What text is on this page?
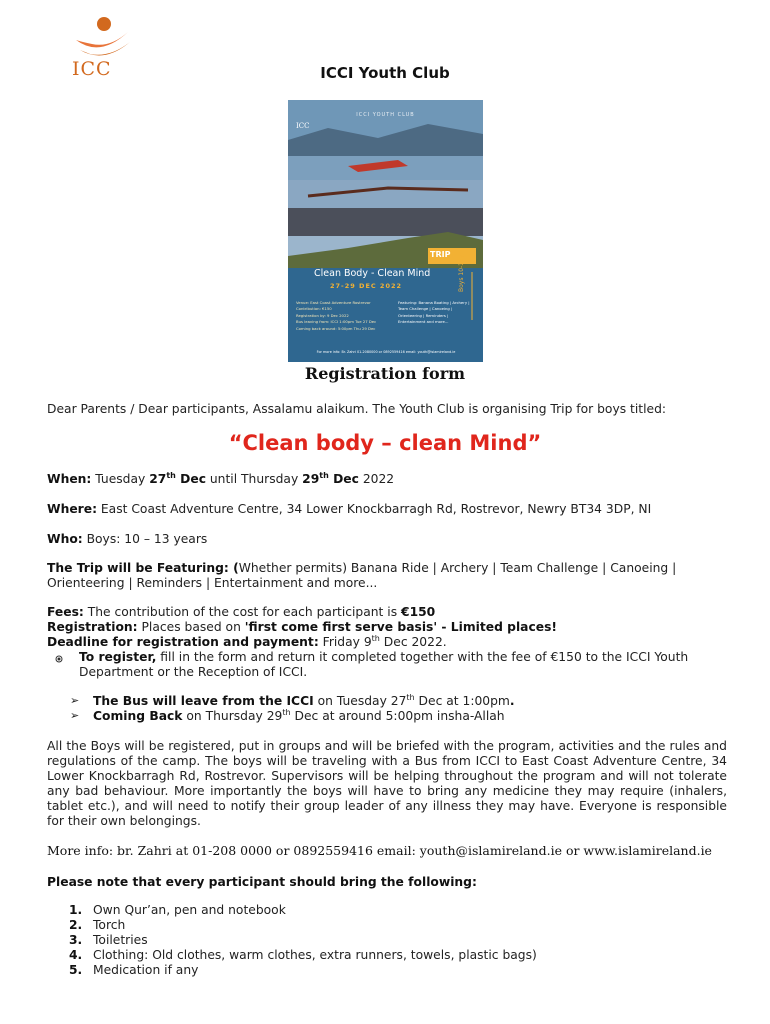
ICC	ICCI Youth Club
ICCI YOUTH CLUB
ICC
TRIP
Clean Body - Clean Mind
27-29 DEC 2022	Boys 10-13y
Venue: East Coast Adventure Rostrevor
Contribution: €150
Registration by: 9 Dec 2022
Bus leaving from: ICCI 1:00pm Tue 27 Dec
Coming back around: 5:00pm Thu 29 Dec
Featuring: Banana Boating | Archery | Team Challenge | Canoeing | Orienteering | Reminders | Entertainment and more...
For more info: Br. Zahri 01-2080000 or 0892559416 email: youth@islamireland.ie
Registration form
Dear Parents / Dear participants, Assalamu alaikum. The Youth Club is organising Trip for boys titled:
“Clean body – clean Mind”
When: Tuesday 27th Dec until Thursday 29th Dec 2022
Where: East Coast Adventure Centre, 34 Lower Knockbarragh Rd, Rostrevor, Newry BT34 3DP, NI
Who: Boys: 10 – 13 years
The Trip will be Featuring: (Whether permits) Banana Ride | Archery | Team Challenge | Canoeing | Orienteering | Reminders | Entertainment and more...
Fees: The contribution of the cost for each participant is €150
Registration: Places based on 'first come first serve basis' - Limited places!
Deadline for registration and payment: Friday 9th Dec 2022.
To register, fill in the form and return it completed together with the fee of €150 to the ICCI Youth Department or the Reception of ICCI.
➢ The Bus will leave from the ICCI on Tuesday 27th Dec at 1:00pm.
➢ Coming Back on Thursday 29th Dec at around 5:00pm insha-Allah
All the Boys will be registered, put in groups and will be briefed with the program, activities and the rules and regulations of the camp. The boys will be traveling with a Bus from ICCI to East Coast Adventure Centre, 34 Lower Knockbarragh Rd, Rostrevor. Supervisors will be helping throughout the program and will not tolerate any bad behaviour. More importantly the boys will have to bring any medicine they may require (inhalers, tablet etc.), and will need to notify their group leader of any illness they may have. Everyone is responsible for their own belongings.
More info: br. Zahri at 01-208 0000 or 0892559416 email: youth@islamireland.ie or www.islamireland.ie
Please note that every participant should bring the following:
1. Own Qur’an, pen and notebook
2. Torch
3. Toiletries
4. Clothing: Old clothes, warm clothes, extra runners, towels, plastic bags)
5. Medication if any
